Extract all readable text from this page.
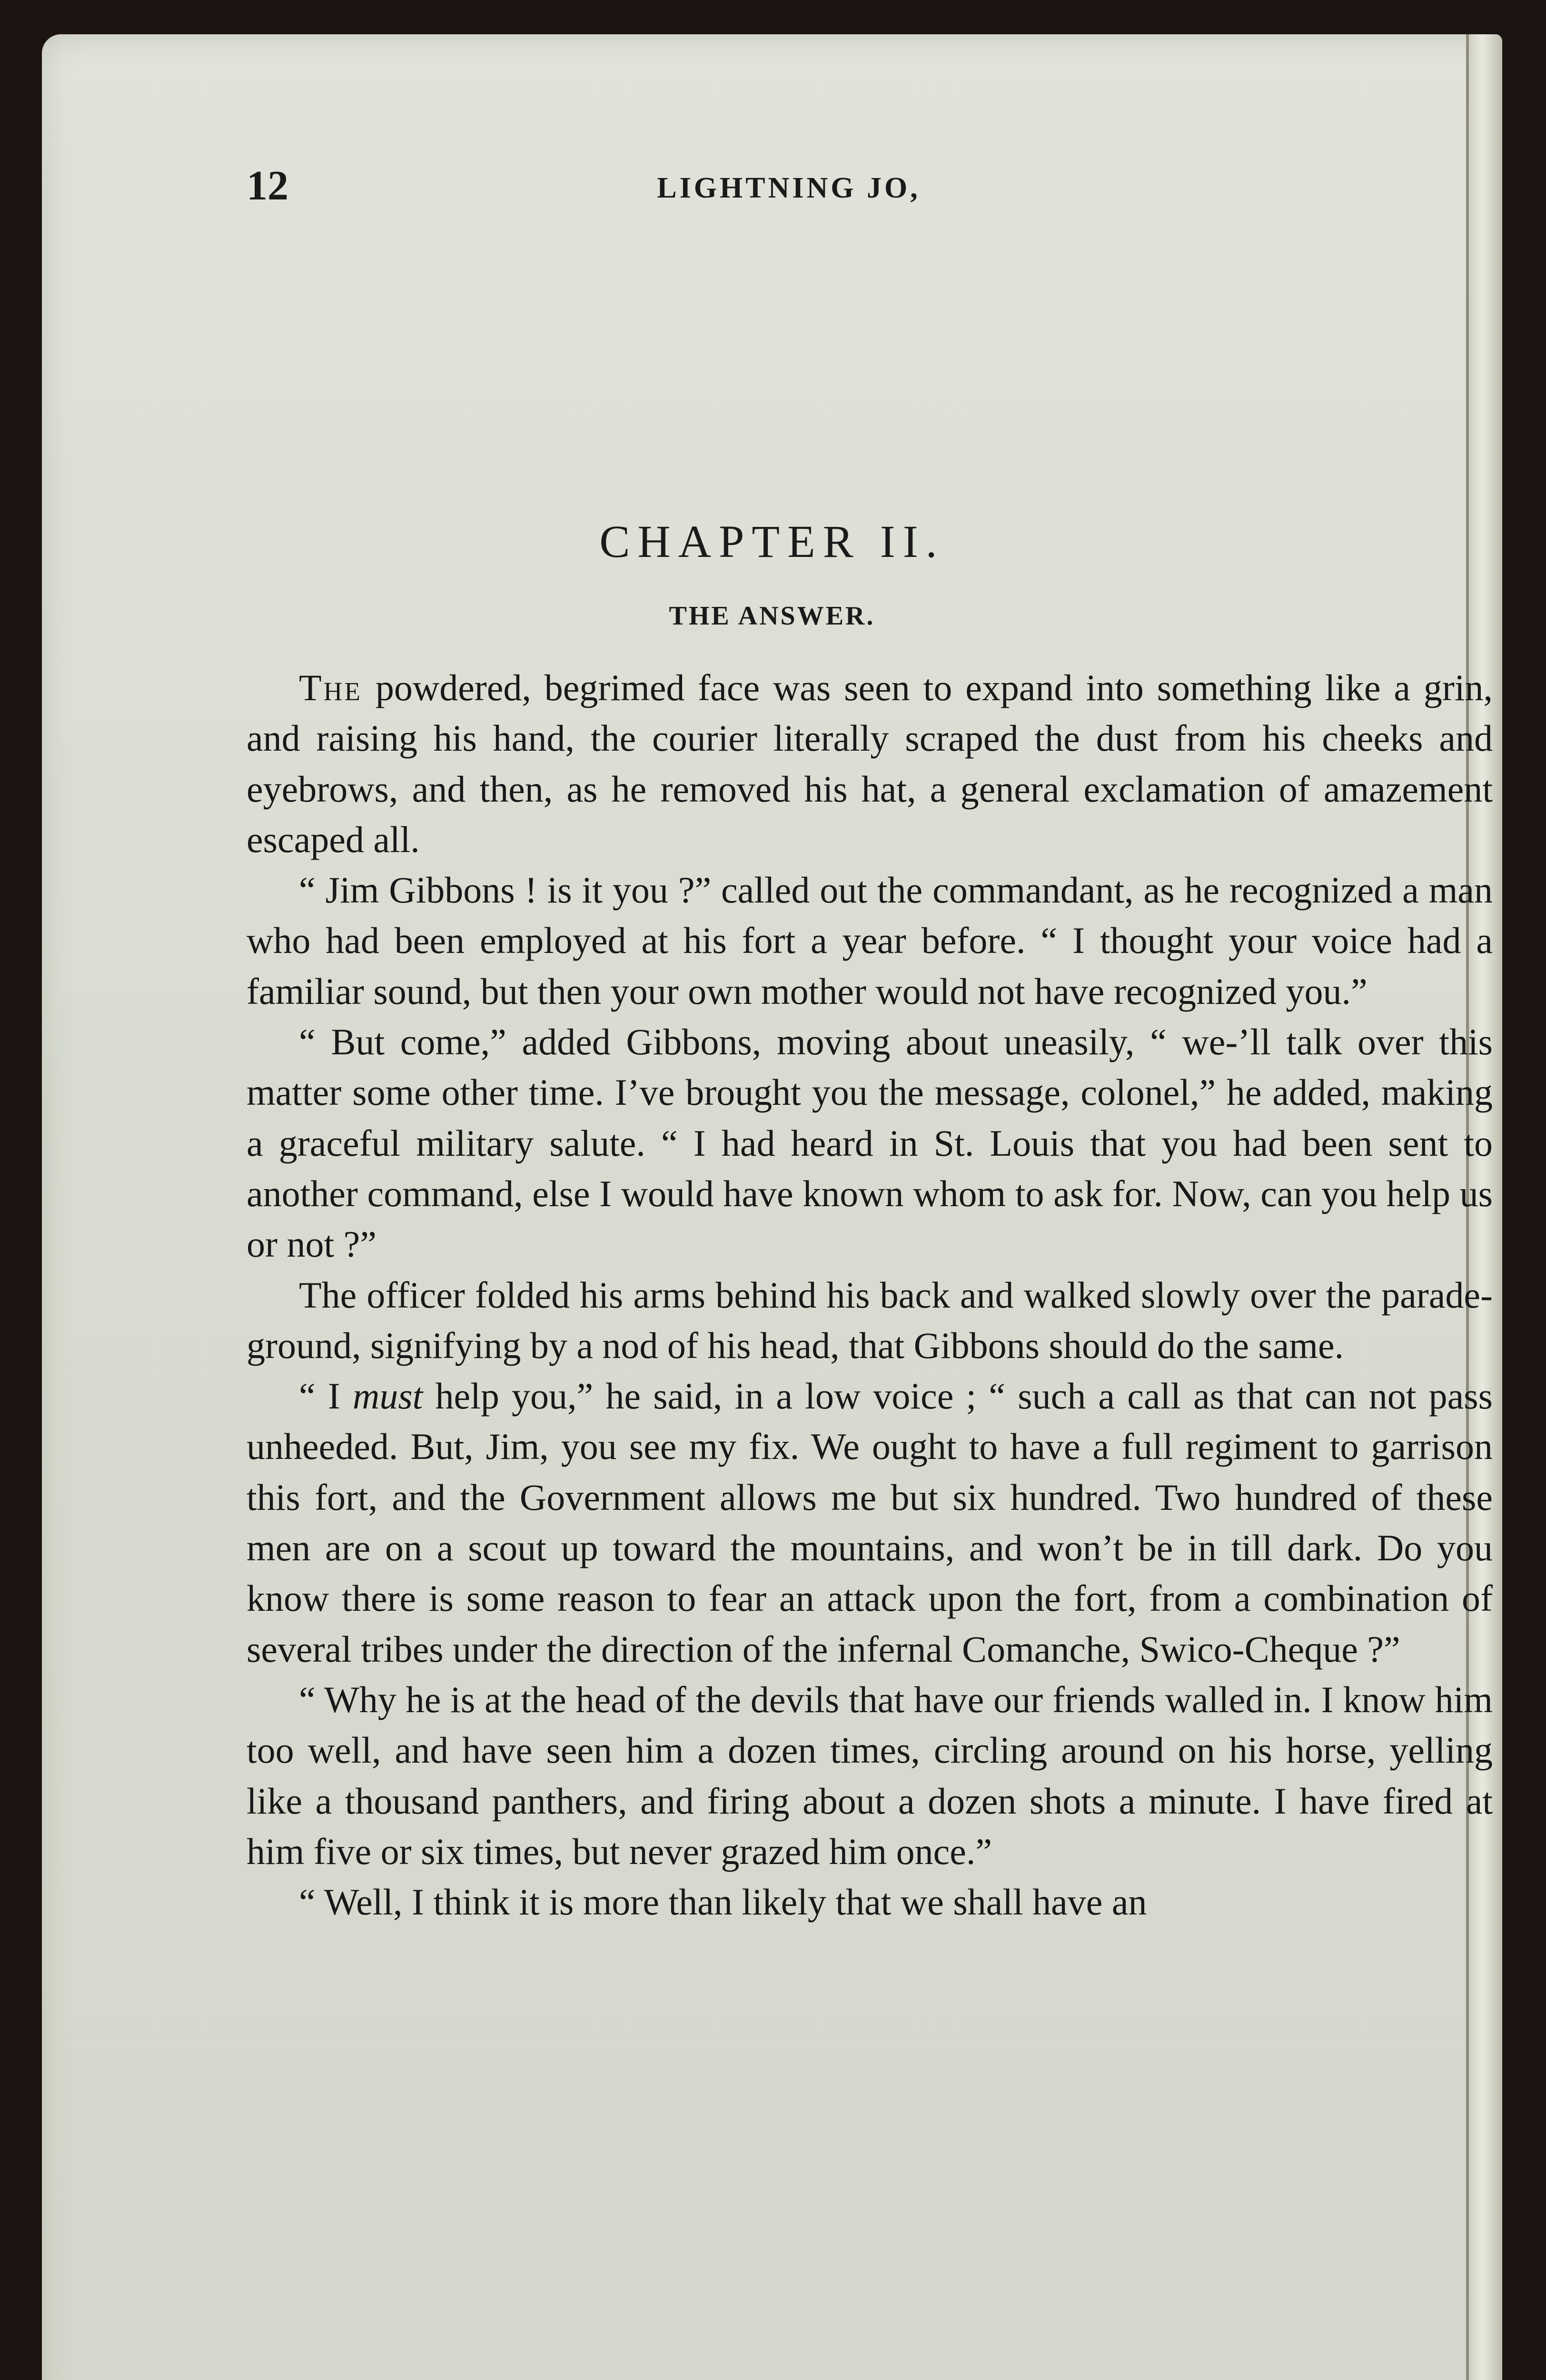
12	LIGHTNING JO,
CHAPTER II.
THE ANSWER.

The powdered, begrimed face was seen to expand into something like a grin, and raising his hand, the courier literally scraped the dust from his cheeks and eyebrows, and then, as he removed his hat, a general exclamation of amazement escaped all.

“ Jim Gibbons ! is it you ?” called out the commandant, as he recognized a man who had been employed at his fort a year before. “ I thought your voice had a familiar sound, but then your own mother would not have recognized you.”

“ But come,” added Gibbons, moving about uneasily, “ we-’ll talk over this matter some other time. I’ve brought you the message, colonel,” he added, making a graceful military salute. “ I had heard in St. Louis that you had been sent to another command, else I would have known whom to ask for. Now, can you help us or not ?”

The officer folded his arms behind his back and walked slowly over the parade-ground, signifying by a nod of his head, that Gibbons should do the same.

“ I must help you,” he said, in a low voice ; “ such a call as that can not pass unheeded. But, Jim, you see my fix. We ought to have a full regiment to garrison this fort, and the Government allows me but six hundred. Two hundred of these men are on a scout up toward the mountains, and won’t be in till dark. Do you know there is some reason to fear an attack upon the fort, from a combination of several tribes under the direction of the infernal Comanche, Swico-Cheque ?”

“ Why he is at the head of the devils that have our friends walled in. I know him too well, and have seen him a dozen times, circling around on his horse, yelling like a thousand panthers, and firing about a dozen shots a minute. I have fired at him five or six times, but never grazed him once.”

“ Well, I think it is more than likely that we shall have an
